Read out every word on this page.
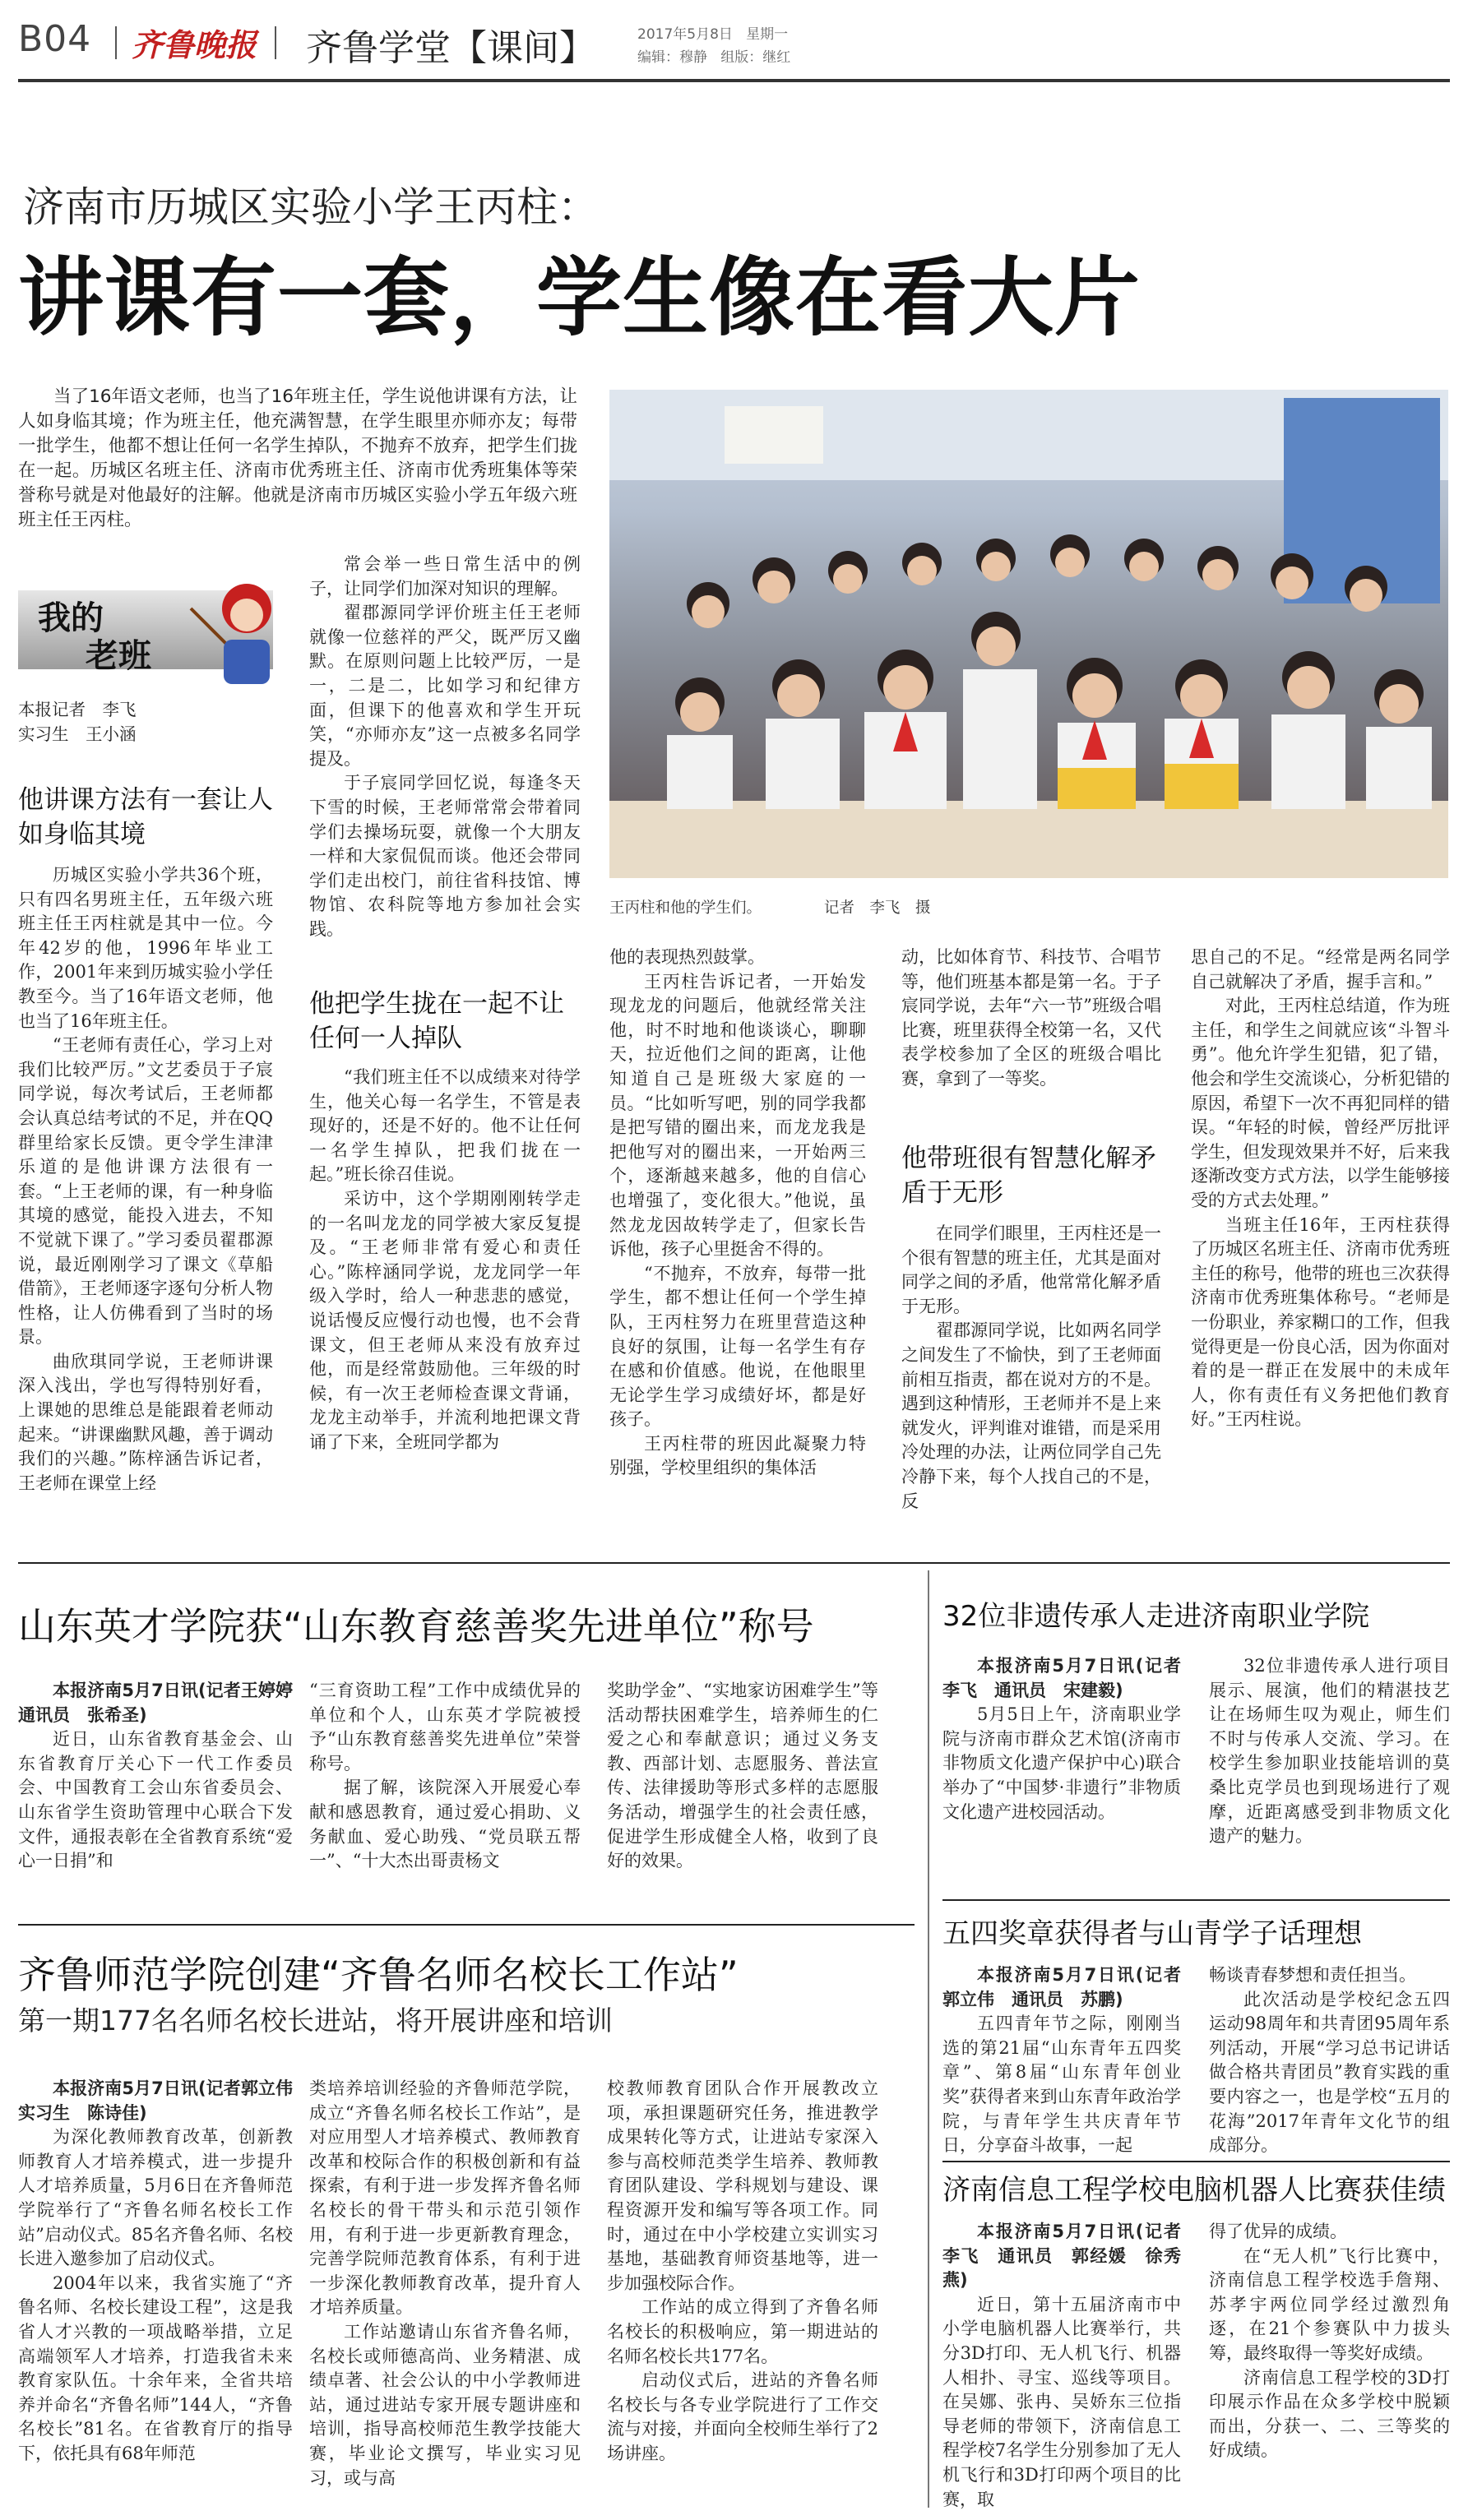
B04 齐鲁晚报 齐鲁学堂【课间】	2017年5月8日 星期一
编辑：穆静 组版：继红
济南市历城区实验小学王丙柱：
讲课有一套，学生像在看大片

当了16年语文老师，也当了16年班主任，学生说他讲课有方法，让人如身临其境；作为班主任，他充满智慧，在学生眼里亦师亦友；每带一批学生，他都不想让任何一名学生掉队，不抛弃不放弃，把学生们拢在一起。历城区名班主任、济南市优秀班主任、济南市优秀班集体等荣誉称号就是对他最好的注解。他就是济南市历城区实验小学五年级六班班主任王丙柱。

王丙柱和他的学生们。	记者　李飞　摄
我的
老班
本报记者　李飞
实习生　王小涵
他讲课方法有一套让人如身临其境

历城区实验小学共36个班，只有四名男班主任，五年级六班班主任王丙柱就是其中一位。今年42岁的他，1996年毕业工作，2001年来到历城实验小学任教至今。当了16年语文老师，他也当了16年班主任。

“王老师有责任心，学习上对我们比较严厉。”文艺委员于子宸同学说，每次考试后，王老师都会认真总结考试的不足，并在QQ群里给家长反馈。更令学生津津乐道的是他讲课方法很有一套。“上王老师的课，有一种身临其境的感觉，能投入进去，不知不觉就下课了。”学习委员翟郡源说，最近刚刚学习了课文《草船借箭》，王老师逐字逐句分析人物性格，让人仿佛看到了当时的场景。

曲欣琪同学说，王老师讲课深入浅出，学也写得特别好看，上课她的思维总是能跟着老师动起来。“讲课幽默风趣，善于调动我们的兴趣。”陈梓涵告诉记者，王老师在课堂上经

常会举一些日常生活中的例子，让同学们加深对知识的理解。

翟郡源同学评价班主任王老师就像一位慈祥的严父，既严厉又幽默。在原则问题上比较严厉，一是一，二是二，比如学习和纪律方面，但课下的他喜欢和学生开玩笑，“亦师亦友”这一点被多名同学提及。

于子宸同学回忆说，每逢冬天下雪的时候，王老师常常会带着同学们去操场玩耍，就像一个大朋友一样和大家侃侃而谈。他还会带同学们走出校门，前往省科技馆、博物馆、农科院等地方参加社会实践。

他把学生拢在一起不让任何一人掉队

“我们班主任不以成绩来对待学生，他关心每一名学生，不管是表现好的，还是不好的。他不让任何一名学生掉队，把我们拢在一起。”班长徐召佳说。

采访中，这个学期刚刚转学走的一名叫龙龙的同学被大家反复提及。“王老师非常有爱心和责任心。”陈梓涵同学说，龙龙同学一年级入学时，给人一种悲悲的感觉，说话慢反应慢行动也慢，也不会背课文，但王老师从来没有放弃过他，而是经常鼓励他。三年级的时候，有一次王老师检查课文背诵，龙龙主动举手，并流利地把课文背诵了下来，全班同学都为

他的表现热烈鼓掌。

王丙柱告诉记者，一开始发现龙龙的问题后，他就经常关注他，时不时地和他谈谈心，聊聊天，拉近他们之间的距离，让他知道自己是班级大家庭的一员。“比如听写吧，别的同学我都是把写错的圈出来，而龙龙我是把他写对的圈出来，一开始两三个，逐渐越来越多，他的自信心也增强了，变化很大。”他说，虽然龙龙因故转学走了，但家长告诉他，孩子心里挺舍不得的。

“不抛弃，不放弃，每带一批学生，都不想让任何一个学生掉队，王丙柱努力在班里营造这种良好的氛围，让每一名学生有存在感和价值感。他说，在他眼里无论学生学习成绩好坏，都是好孩子。

王丙柱带的班因此凝聚力特别强，学校里组织的集体活

动，比如体育节、科技节、合唱节等，他们班基本都是第一名。于子宸同学说，去年“六一节”班级合唱比赛，班里获得全校第一名，又代表学校参加了全区的班级合唱比赛，拿到了一等奖。

他带班很有智慧化解矛盾于无形

在同学们眼里，王丙柱还是一个很有智慧的班主任，尤其是面对同学之间的矛盾，他常常化解矛盾于无形。

翟郡源同学说，比如两名同学之间发生了不愉快，到了王老师面前相互指责，都在说对方的不是。遇到这种情形，王老师并不是上来就发火，评判谁对谁错，而是采用冷处理的办法，让两位同学自己先冷静下来，每个人找自己的不是，反

思自己的不足。“经常是两名同学自己就解决了矛盾，握手言和。”

对此，王丙柱总结道，作为班主任，和学生之间就应该“斗智斗勇”。他允许学生犯错，犯了错，他会和学生交流谈心，分析犯错的原因，希望下一次不再犯同样的错误。“年轻的时候，曾经严厉批评学生，但发现效果并不好，后来我逐渐改变方式方法，以学生能够接受的方式去处理。”

当班主任16年，王丙柱获得了历城区名班主任、济南市优秀班主任的称号，他带的班也三次获得济南市优秀班集体称号。“老师是一份职业，养家糊口的工作，但我觉得更是一份良心活，因为你面对着的是一群正在发展中的未成年人，你有责任有义务把他们教育好。”王丙柱说。

山东英才学院获“山东教育慈善奖先进单位”称号

本报济南5月7日讯(记者王婷婷　通讯员　张希圣)

近日，山东省教育基金会、山东省教育厅关心下一代工作委员会、中国教育工会山东省委员会、山东省学生资助管理中心联合下发文件，通报表彰在全省教育系统“爱心一日捐”和

“三育资助工程”工作中成绩优异的单位和个人，山东英才学院被授予“山东教育慈善奖先进单位”荣誉称号。

据了解，该院深入开展爱心奉献和感恩教育，通过爱心捐助、义务献血、爱心助残、“党员联五帮一”、“十大杰出哥责杨文

奖助学金”、“实地家访困难学生”等活动帮扶困难学生，培养师生的仁爱之心和奉献意识；通过义务支教、西部计划、志愿服务、普法宣传、法律援助等形式多样的志愿服务活动，增强学生的社会责任感，促进学生形成健全人格，收到了良好的效果。

齐鲁师范学院创建“齐鲁名师名校长工作站”
第一期177名名师名校长进站，将开展讲座和培训

本报济南5月7日讯(记者郭立伟　实习生　陈诗佳)

为深化教师教育改革，创新教师教育人才培养模式，进一步提升人才培养质量，5月6日在齐鲁师范学院举行了“齐鲁名师名校长工作站”启动仪式。85名齐鲁名师、名校长进入邀参加了启动仪式。

2004年以来，我省实施了“齐鲁名师、名校长建设工程”，这是我省人才兴教的一项战略举措，立足高端领军人才培养，打造我省未来教育家队伍。十余年来，全省共培养并命名“齐鲁名师”144人，“齐鲁名校长”81名。在省教育厅的指导下，依托具有68年师范

类培养培训经验的齐鲁师范学院，成立“齐鲁名师名校长工作站”，是对应用型人才培养模式、教师教育改革和校际合作的积极创新和有益探索，有利于进一步发挥齐鲁名师名校长的骨干带头和示范引领作用，有利于进一步更新教育理念，完善学院师范教育体系，有利于进一步深化教师教育改革，提升育人才培养质量。

工作站邀请山东省齐鲁名师，名校长或师德高尚、业务精湛、成绩卓著、社会公认的中小学教师进站，通过进站专家开展专题讲座和培训，指导高校师范生教学技能大赛，毕业论文撰写，毕业实习见习，或与高

校教师教育团队合作开展教改立项，承担课题研究任务，推进教学成果转化等方式，让进站专家深入参与高校师范类学生培养、教师教育团队建设、学科规划与建设、课程资源开发和编写等各项工作。同时，通过在中小学校建立实训实习基地，基础教育师资基地等，进一步加强校际合作。

工作站的成立得到了齐鲁名师名校长的积极响应，第一期进站的名师名校长共177名。

启动仪式后，进站的齐鲁名师名校长与各专业学院进行了工作交流与对接，并面向全校师生举行了2场讲座。

32位非遗传承人走进济南职业学院

本报济南5月7日讯(记者　李飞　通讯员　宋建毅)

5月5日上午，济南职业学院与济南市群众艺术馆(济南市非物质文化遗产保护中心)联合举办了“中国梦·非遗行”非物质文化遗产进校园活动。

32位非遗传承人进行项目展示、展演，他们的精湛技艺让在场师生叹为观止，师生们不时与传承人交流、学习。在校学生参加职业技能培训的莫桑比克学员也到现场进行了观摩，近距离感受到非物质文化遗产的魅力。

五四奖章获得者与山青学子话理想

本报济南5月7日讯(记者　郭立伟　通讯员　苏鹏)

五四青年节之际，刚刚当选的第21届“山东青年五四奖章”、第8届“山东青年创业奖”获得者来到山东青年政治学院，与青年学生共庆青年节日，分享奋斗故事，一起

畅谈青春梦想和责任担当。

此次活动是学校纪念五四运动98周年和共青团95周年系列活动，开展“学习总书记讲话　做合格共青团员”教育实践的重要内容之一，也是学校“五月的花海”2017年青年文化节的组成部分。

济南信息工程学校电脑机器人比赛获佳绩

本报济南5月7日讯(记者　李飞　通讯员　郭经媛　徐秀燕)

近日，第十五届济南市中小学电脑机器人比赛举行，共分3D打印、无人机飞行、机器人相扑、寻宝、巡线等项目。在吴娜、张冉、吴娇东三位指导老师的带领下，济南信息工程学校7名学生分别参加了无人机飞行和3D打印两个项目的比赛，取

得了优异的成绩。

在“无人机”飞行比赛中，济南信息工程学校选手詹翔、苏孝宇两位同学经过激烈角逐，在21个参赛队中力拔头筹，最终取得一等奖好成绩。

济南信息工程学校的3D打印展示作品在众多学校中脱颖而出，分获一、二、三等奖的好成绩。
